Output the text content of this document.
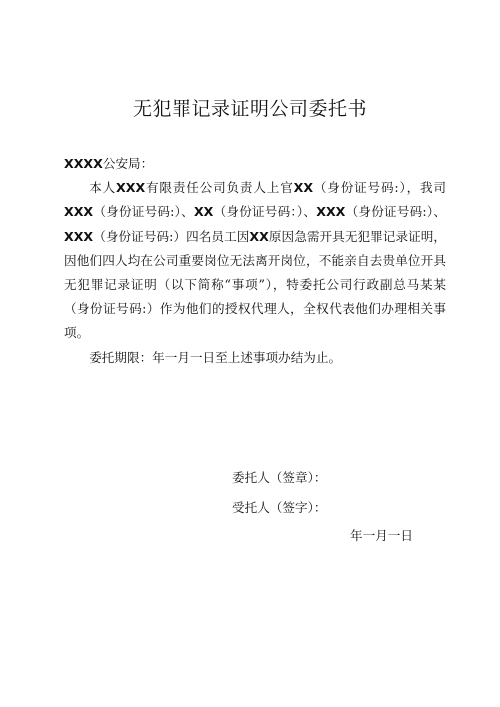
无犯罪记录证明公司委托书

XXXX公安局：

本人XXX有限责任公司负责人上官XX（身份证号码:），我司XXX（身份证号码:）、XX（身份证号码：）、XXX（身份证号码:）、XXX（身份证号码:）四名员工因XX原因急需开具无犯罪记录证明，因他们四人均在公司重要岗位无法离开岗位，不能亲自去贵单位开具无犯罪记录证明（以下简称“事项”），特委托公司行政副总马某某（身份证号码:）作为他们的授权代理人，全权代表他们办理相关事项。

委托期限：年一月一日至上述事项办结为止。

委托人（签章）：
受托人（签字）：
年一月一日
